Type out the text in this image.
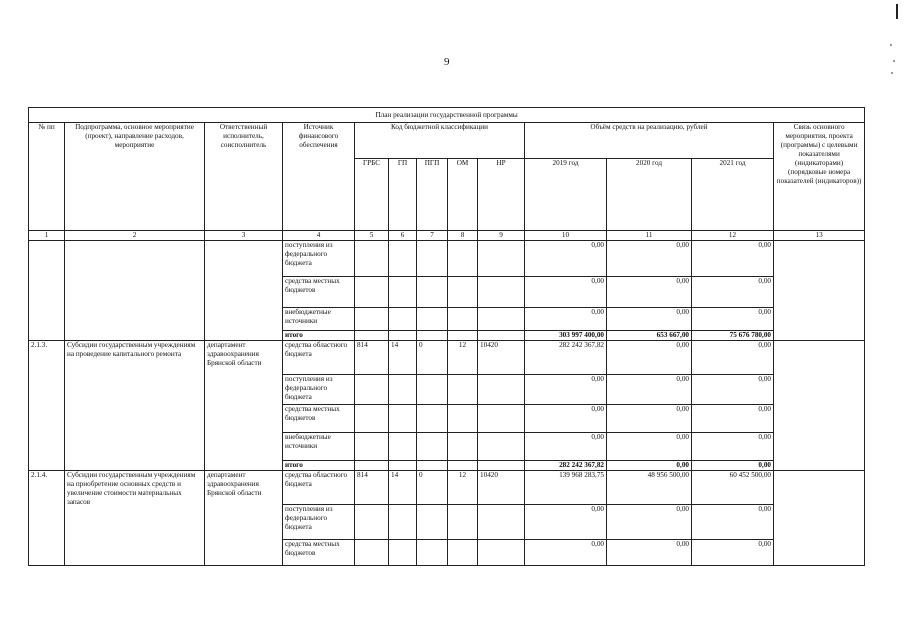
9
План реализации государственной программы												
№ пп	Подпрограмма, основное мероприятие (проект), направление расходов, мероприятие	Ответственный исполнитель, соисполнитель	Источник финансового обеспечения	Код бюджетной классификации					Объём средств на реализацию, рублей			Связь основного мероприятия, проекта (программы) с целевыми показателями (индикаторами) (порядковые номера показателей (индикаторов))
				ГРБС	ГП	ПГП	ОМ	НР	2019 год	2020 год	2021 год	
1	2	3	4	5	6	7	8	9	10	11	12	13
			поступления из федерального бюджета						0,00	0,00	0,00	
			средства местных бюджетов						0,00	0,00	0,00	
			внебюджетные источники						0,00	0,00	0,00	
			итого						303 997 400,00	653 667,00	75 676 780,00	
2.1.3.	Субсидии государственным учреждениям на проведение капитального ремонта	департамент здравоохранения Брянской области	средства областного бюджета	814	14	0	12	10420	282 242 367,82	0,00	0,00	
			поступления из федерального бюджета						0,00	0,00	0,00	
			средства местных бюджетов						0,00	0,00	0,00	
			внебюджетные источники						0,00	0,00	0,00	
			итого						282 242 367,82	0,00	0,00	
2.1.4.	Субсидии государственным учреждениям на приобретение основных средств и увеличение стоимости материальных запасов	департамент здравоохранения Брянской области	средства областного бюджета	814	14	0	12	10420	139 968 283,75	48 956 500,00	60 452 500,00	
			поступления из федерального бюджета						0,00	0,00	0,00	
			средства местных бюджетов						0,00	0,00	0,00	
